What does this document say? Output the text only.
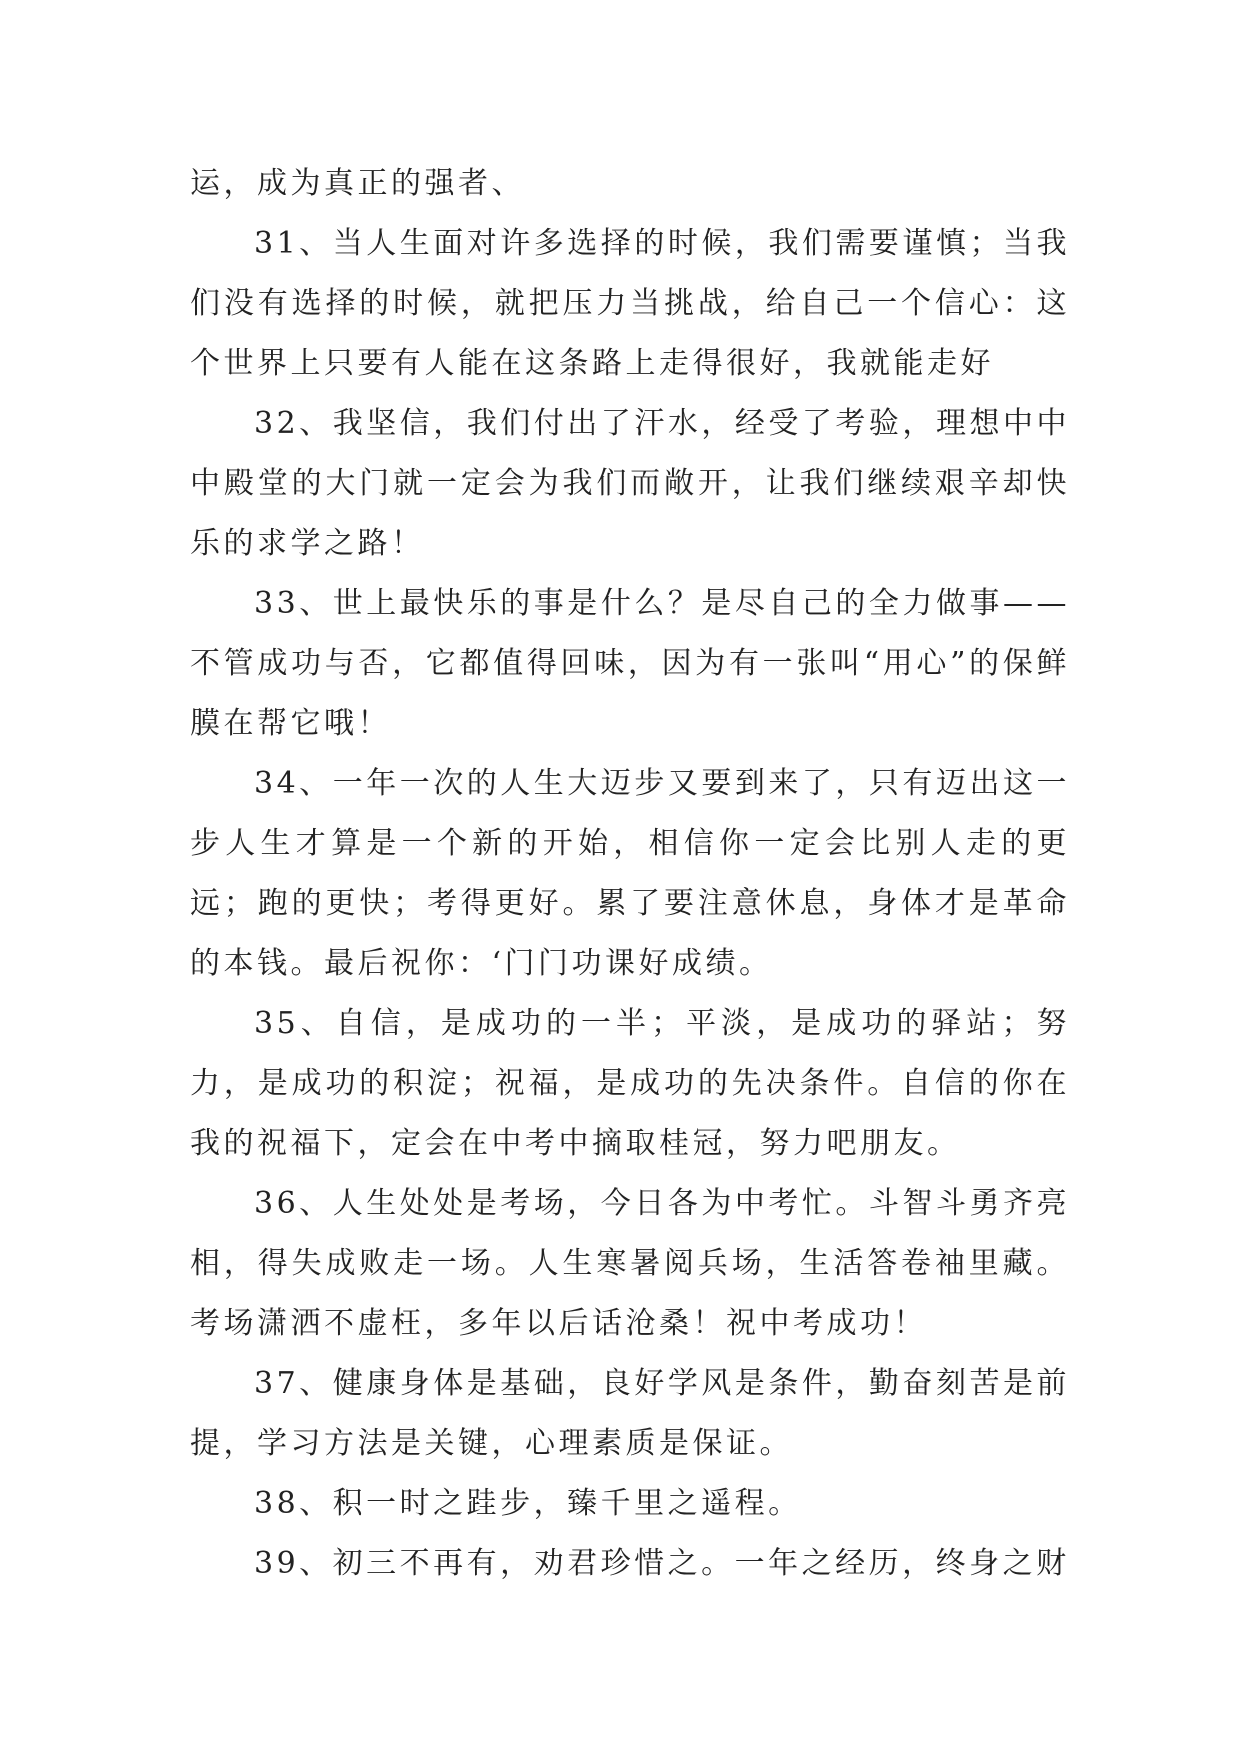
运，成为真正的强者、

31、当人生面对许多选择的时候，我们需要谨慎；当我们没有选择的时候，就把压力当挑战，给自己一个信心：这个世界上只要有人能在这条路上走得很好，我就能走好

32、我坚信，我们付出了汗水，经受了考验，理想中中中殿堂的大门就一定会为我们而敞开，让我们继续艰辛却快乐的求学之路！

33、世上最快乐的事是什么？是尽自己的全力做事——不管成功与否，它都值得回味，因为有一张叫“用心”的保鲜膜在帮它哦！

34、一年一次的人生大迈步又要到来了，只有迈出这一步人生才算是一个新的开始，相信你一定会比别人走的更远；跑的更快；考得更好。累了要注意休息，身体才是革命的本钱。最后祝你：‘门门功课好成绩。

35、自信，是成功的一半；平淡，是成功的驿站；努力，是成功的积淀；祝福，是成功的先决条件。自信的你在我的祝福下，定会在中考中摘取桂冠，努力吧朋友。

36、人生处处是考场，今日各为中考忙。斗智斗勇齐亮相，得失成败走一场。人生寒暑阅兵场，生活答卷袖里藏。考场潇洒不虚枉，多年以后话沧桑！祝中考成功！

37、健康身体是基础，良好学风是条件，勤奋刻苦是前提，学习方法是关键，心理素质是保证。

38、积一时之跬步，臻千里之遥程。

39、初三不再有，劝君珍惜之。一年之经历，终身之财
